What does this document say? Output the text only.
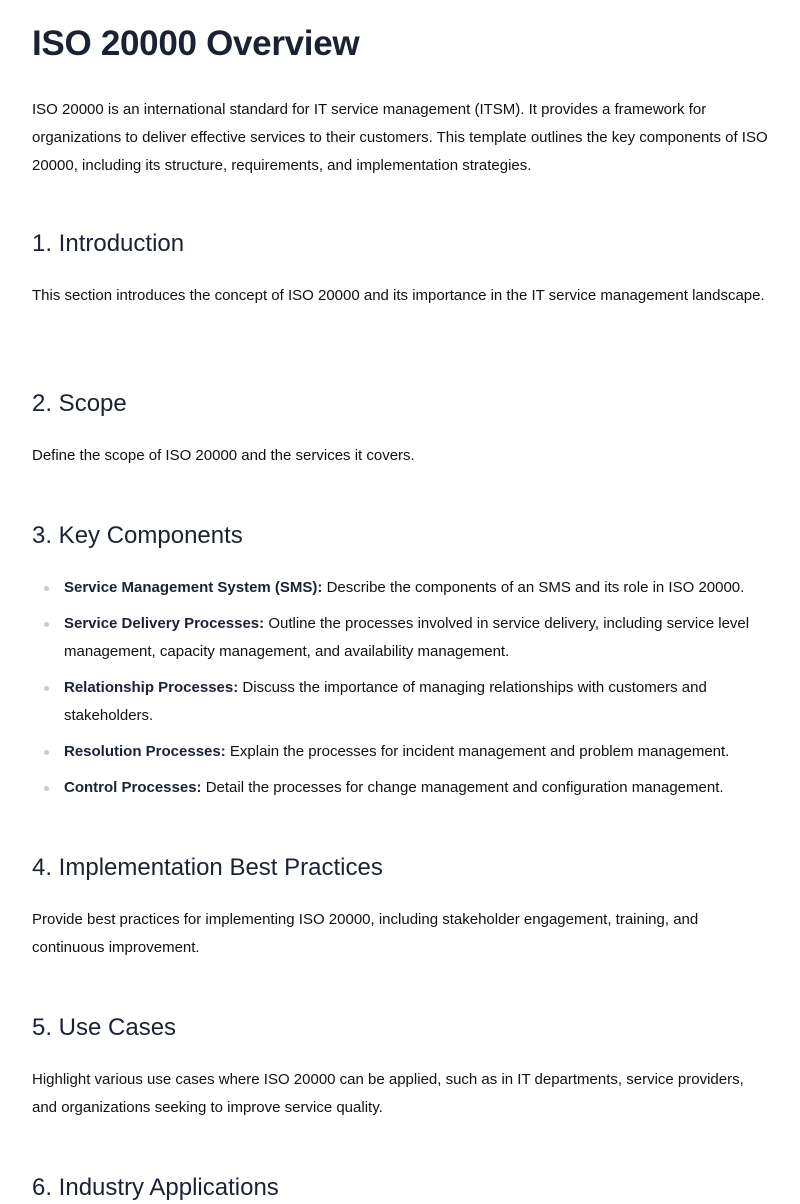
ISO 20000 Overview

ISO 20000 is an international standard for IT service management (ITSM). It provides a framework for organizations to deliver effective services to their customers. This template outlines the key components of ISO 20000, including its structure, requirements, and implementation strategies.

1. Introduction

This section introduces the concept of ISO 20000 and its importance in the IT service management landscape.

2. Scope

Define the scope of ISO 20000 and the services it covers.

3. Key Components
Service Management System (SMS): Describe the components of an SMS and its role in ISO 20000.
Service Delivery Processes: Outline the processes involved in service delivery, including service level management, capacity management, and availability management.
Relationship Processes: Discuss the importance of managing relationships with customers and stakeholders.
Resolution Processes: Explain the processes for incident management and problem management.
Control Processes: Detail the processes for change management and configuration management.
4. Implementation Best Practices

Provide best practices for implementing ISO 20000, including stakeholder engagement, training, and continuous improvement.

5. Use Cases

Highlight various use cases where ISO 20000 can be applied, such as in IT departments, service providers, and organizations seeking to improve service quality.

6. Industry Applications
